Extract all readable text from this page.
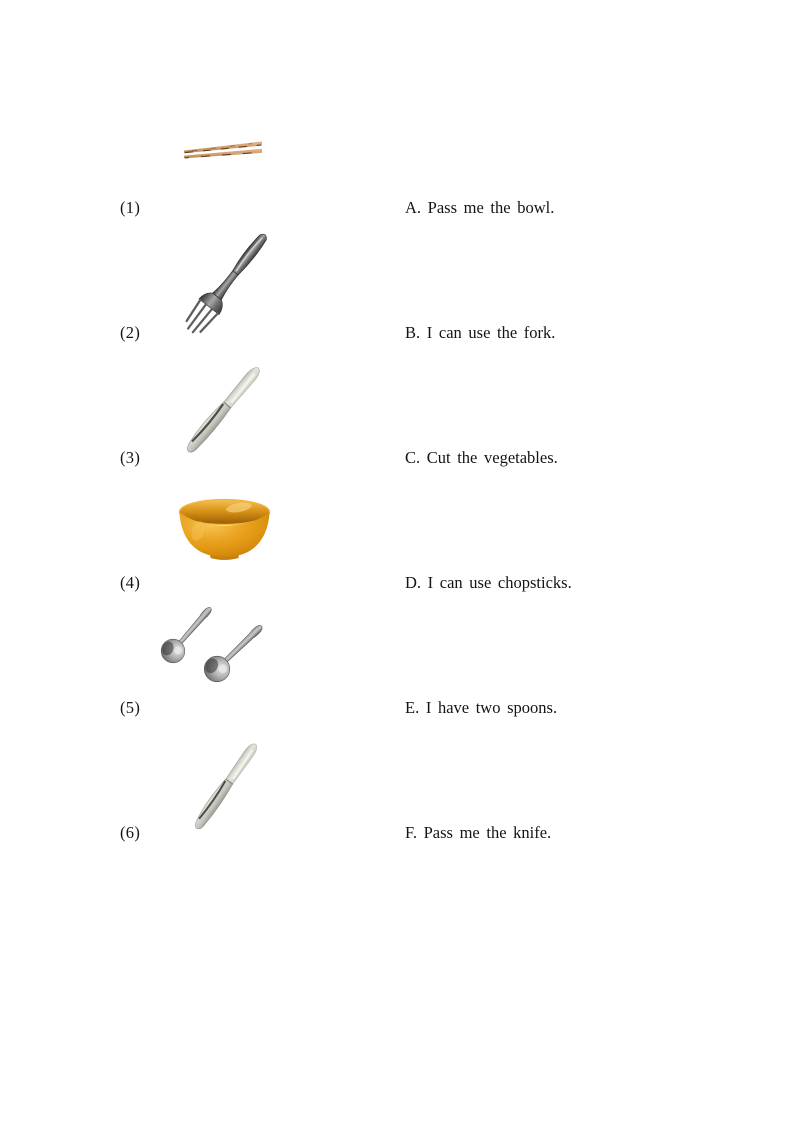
(1)	A. Pass me the bowl.
(2)	B. I can use the fork.
(3)	C. Cut the vegetables.
(4)	D. I can use chopsticks.
(5)	E. I have two spoons.
(6)	F. Pass me the knife.
